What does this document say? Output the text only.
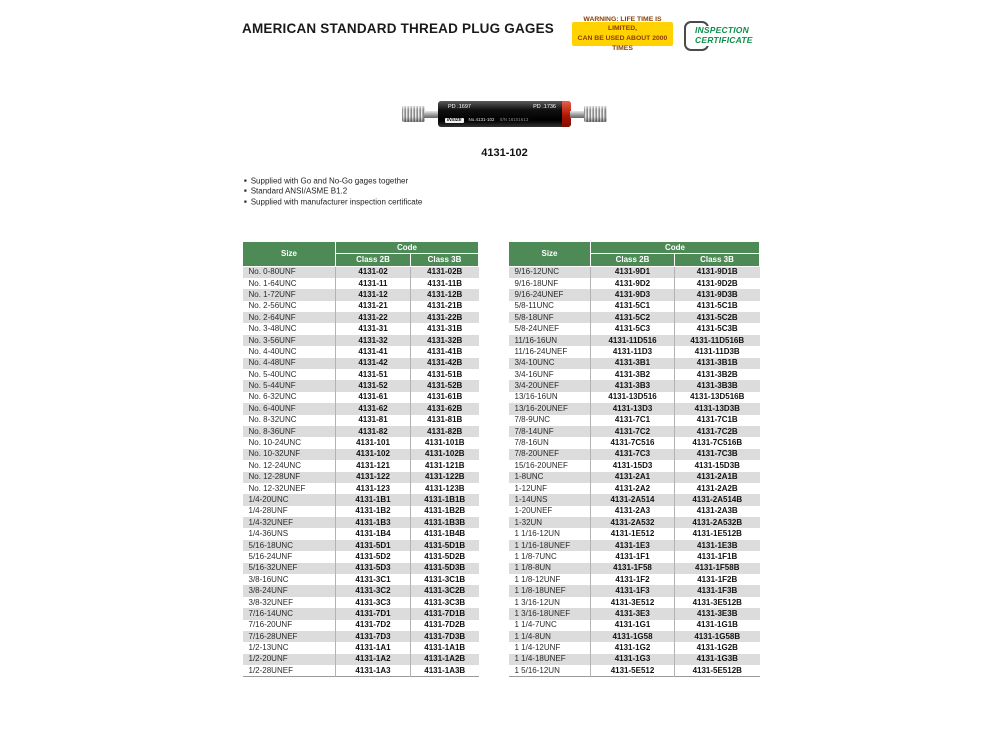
AMERICAN STANDARD THREAD PLUG GAGES
WARNING: LIFE TIME IS LIMITED,
CAN BE USED ABOUT 2000 TIMES
INSPECTION
CERTIFICATE
PD .1697	PD .1736
INSIZE	No.4131-102 S/N 18101613
4131-102
■ Supplied with Go and No-Go gages together
■ Standard ANSI/ASME B1.2
■ Supplied with manufacturer inspection certificate
Size	Code	
	Class 2B	Class 3B
No. 0-80UNF	4131-02	4131-02B
No. 1-64UNC	4131-11	4131-11B
No. 1-72UNF	4131-12	4131-12B
No. 2-56UNC	4131-21	4131-21B
No. 2-64UNF	4131-22	4131-22B
No. 3-48UNC	4131-31	4131-31B
No. 3-56UNF	4131-32	4131-32B
No. 4-40UNC	4131-41	4131-41B
No. 4-48UNF	4131-42	4131-42B
No. 5-40UNC	4131-51	4131-51B
No. 5-44UNF	4131-52	4131-52B
No. 6-32UNC	4131-61	4131-61B
No. 6-40UNF	4131-62	4131-62B
No. 8-32UNC	4131-81	4131-81B
No. 8-36UNF	4131-82	4131-82B
No. 10-24UNC	4131-101	4131-101B
No. 10-32UNF	4131-102	4131-102B
No. 12-24UNC	4131-121	4131-121B
No. 12-28UNF	4131-122	4131-122B
No. 12-32UNEF	4131-123	4131-123B
1/4-20UNC	4131-1B1	4131-1B1B
1/4-28UNF	4131-1B2	4131-1B2B
1/4-32UNEF	4131-1B3	4131-1B3B
1/4-36UNS	4131-1B4	4131-1B4B
5/16-18UNC	4131-5D1	4131-5D1B
5/16-24UNF	4131-5D2	4131-5D2B
5/16-32UNEF	4131-5D3	4131-5D3B
3/8-16UNC	4131-3C1	4131-3C1B
3/8-24UNF	4131-3C2	4131-3C2B
3/8-32UNEF	4131-3C3	4131-3C3B
7/16-14UNC	4131-7D1	4131-7D1B
7/16-20UNF	4131-7D2	4131-7D2B
7/16-28UNEF	4131-7D3	4131-7D3B
1/2-13UNC	4131-1A1	4131-1A1B
1/2-20UNF	4131-1A2	4131-1A2B
1/2-28UNEF	4131-1A3	4131-1A3B
Size	Code	
	Class 2B	Class 3B
9/16-12UNC	4131-9D1	4131-9D1B
9/16-18UNF	4131-9D2	4131-9D2B
9/16-24UNEF	4131-9D3	4131-9D3B
5/8-11UNC	4131-5C1	4131-5C1B
5/8-18UNF	4131-5C2	4131-5C2B
5/8-24UNEF	4131-5C3	4131-5C3B
11/16-16UN	4131-11D516	4131-11D516B
11/16-24UNEF	4131-11D3	4131-11D3B
3/4-10UNC	4131-3B1	4131-3B1B
3/4-16UNF	4131-3B2	4131-3B2B
3/4-20UNEF	4131-3B3	4131-3B3B
13/16-16UN	4131-13D516	4131-13D516B
13/16-20UNEF	4131-13D3	4131-13D3B
7/8-9UNC	4131-7C1	4131-7C1B
7/8-14UNF	4131-7C2	4131-7C2B
7/8-16UN	4131-7C516	4131-7C516B
7/8-20UNEF	4131-7C3	4131-7C3B
15/16-20UNEF	4131-15D3	4131-15D3B
1-8UNC	4131-2A1	4131-2A1B
1-12UNF	4131-2A2	4131-2A2B
1-14UNS	4131-2A514	4131-2A514B
1-20UNEF	4131-2A3	4131-2A3B
1-32UN	4131-2A532	4131-2A532B
1 1/16-12UN	4131-1E512	4131-1E512B
1 1/16-18UNEF	4131-1E3	4131-1E3B
1 1/8-7UNC	4131-1F1	4131-1F1B
1 1/8-8UN	4131-1F58	4131-1F58B
1 1/8-12UNF	4131-1F2	4131-1F2B
1 1/8-18UNEF	4131-1F3	4131-1F3B
1 3/16-12UN	4131-3E512	4131-3E512B
1 3/16-18UNEF	4131-3E3	4131-3E3B
1 1/4-7UNC	4131-1G1	4131-1G1B
1 1/4-8UN	4131-1G58	4131-1G58B
1 1/4-12UNF	4131-1G2	4131-1G2B
1 1/4-18UNEF	4131-1G3	4131-1G3B
1 5/16-12UN	4131-5E512	4131-5E512B
